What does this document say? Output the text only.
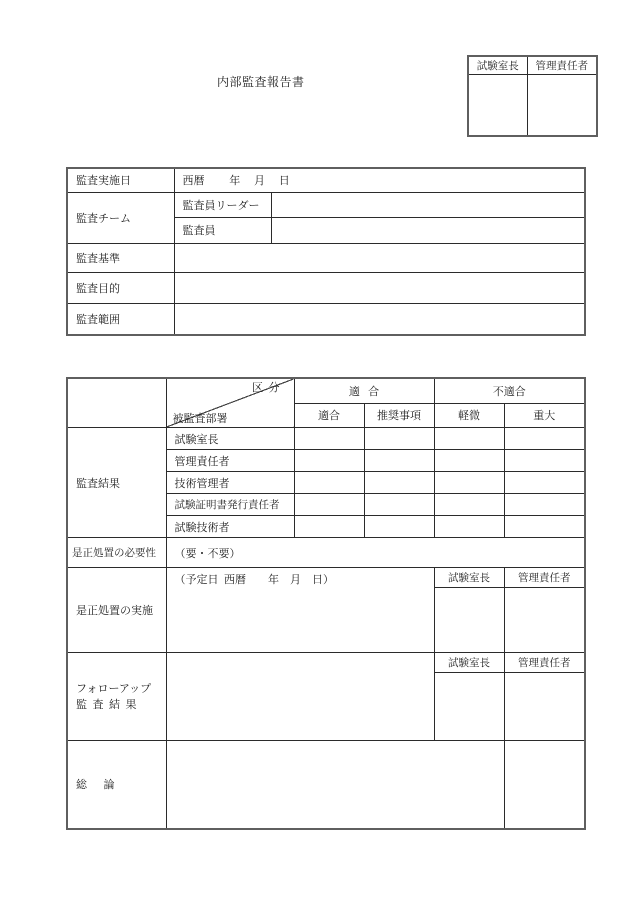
内部監査報告書
試験室長	管理責任者

監査実施日	西暦         年     月     日	
監査チーム	監査員リーダー	
	監査員	
監査基準		
監査目的		
監査範囲		

	区  分

被監査部署	適   合		不適合	
		適合	推奨事項	軽微	重大
監査結果	試験室長				
	管理責任者				
	技術管理者				
	試験証明書発行責任者				
	試験技術者				
是正処置の必要性	（要・不要）				
是正処置の実施	（予定日  西暦        年    月    日）			試験室長	管理責任者

フォローアップ
監  査  結  果				試験室長	管理責任者

総      論					
